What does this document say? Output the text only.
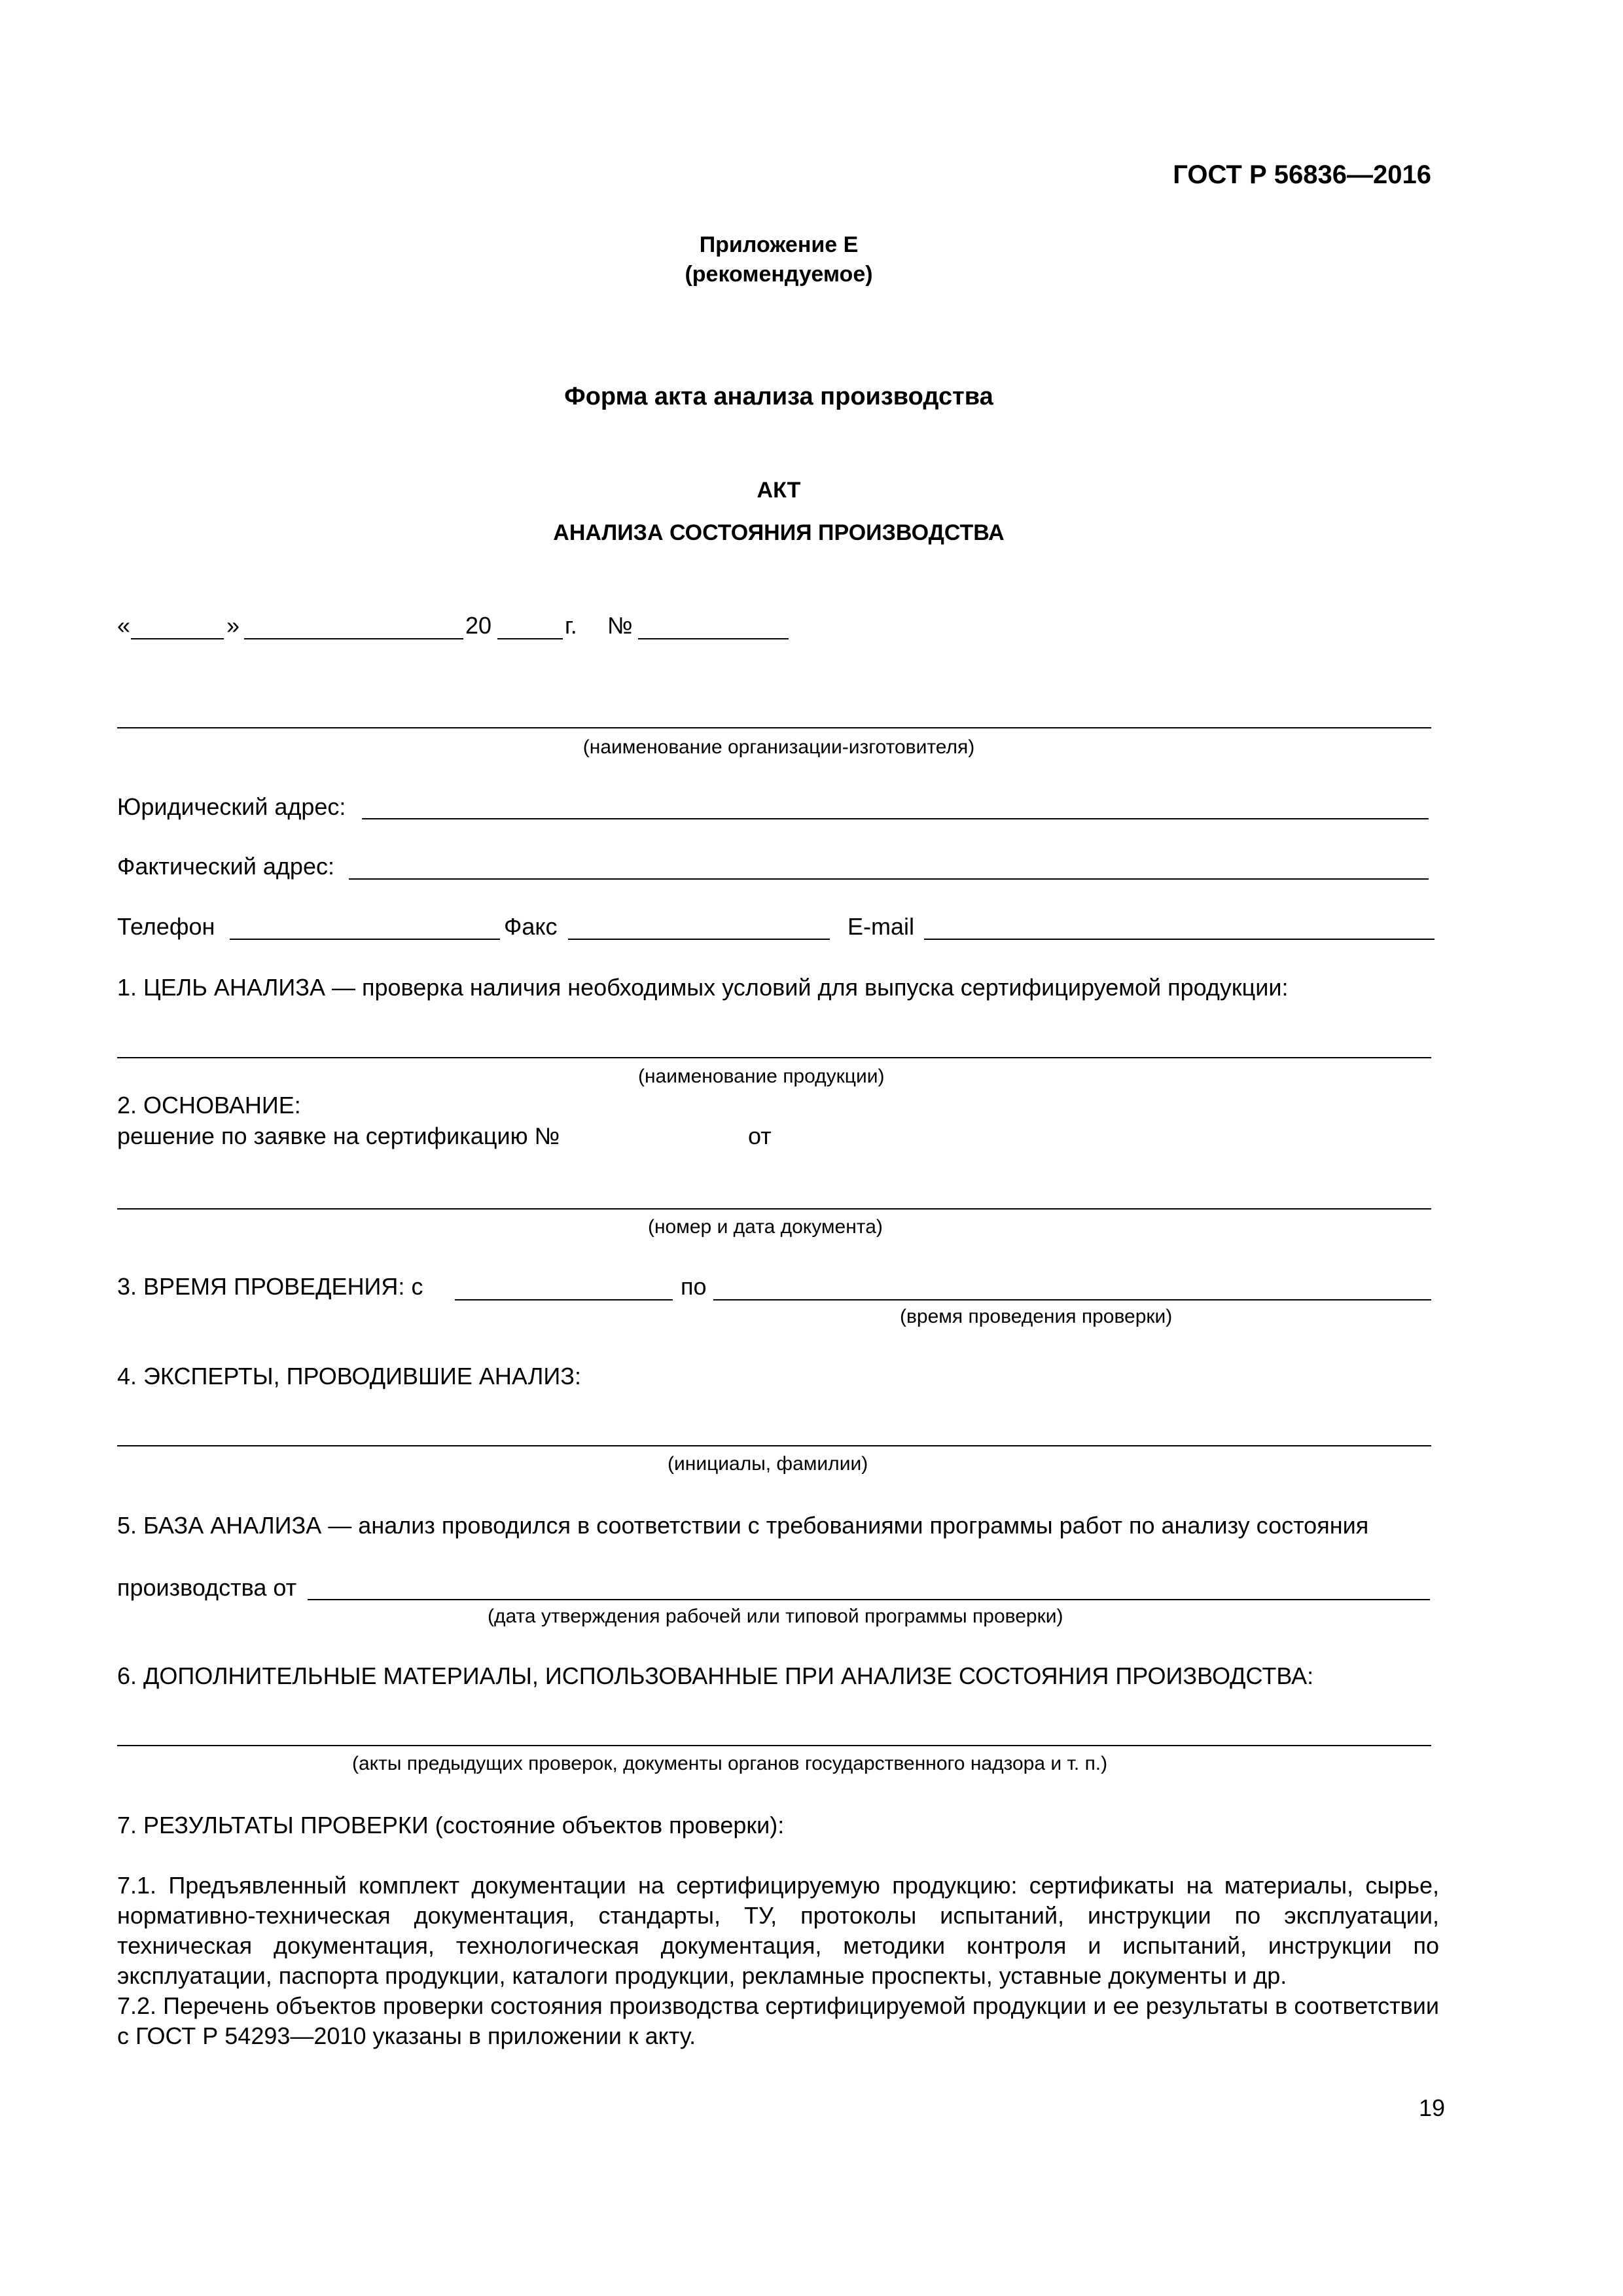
ГОСТ Р 56836—2016
Приложение Е
(рекомендуемое)
Форма акта анализа производства
АКТ
АНАЛИЗА СОСТОЯНИЯ ПРОИЗВОДСТВА
«	»	20	г. №
(наименование организации-изготовителя)
Юридический адрес:
Фактический адрес:
Телефон	Факс	E-mail
1. ЦЕЛЬ АНАЛИЗА — проверка наличия необходимых условий для выпуска сертифицируемой продукции:
(наименование продукции)
2. ОСНОВАНИЕ:
решение по заявке на сертификацию №	от
(номер и дата документа)
3. ВРЕМЯ ПРОВЕДЕНИЯ: с	по
(время проведения проверки)
4. ЭКСПЕРТЫ, ПРОВОДИВШИЕ АНАЛИЗ:
(инициалы, фамилии)
5. БАЗА АНАЛИЗА — анализ проводился в соответствии с требованиями программы работ по анализу состояния
производства от
(дата утверждения рабочей или типовой программы проверки)
6. ДОПОЛНИТЕЛЬНЫЕ МАТЕРИАЛЫ, ИСПОЛЬЗОВАННЫЕ ПРИ АНАЛИЗЕ СОСТОЯНИЯ ПРОИЗВОДСТВА:
(акты предыдущих проверок, документы органов государственного надзора и т. п.)
7. РЕЗУЛЬТАТЫ ПРОВЕРКИ (состояние объектов проверки):
7.1. Предъявленный комплект документации на сертифицируемую продукцию: сертификаты на материалы, сырье, нормативно-техническая документация, стандарты, ТУ, протоколы испытаний, инструкции по эксплуатации, техническая документация, технологическая документация, методики контроля и испытаний, инструкции по эксплуатации, паспорта продукции, каталоги продукции, рекламные проспекты, уставные документы и др.
7.2. Перечень объектов проверки состояния производства сертифицируемой продукции и ее результаты в соответствии с ГОСТ Р 54293—2010 указаны в приложении к акту.
19
